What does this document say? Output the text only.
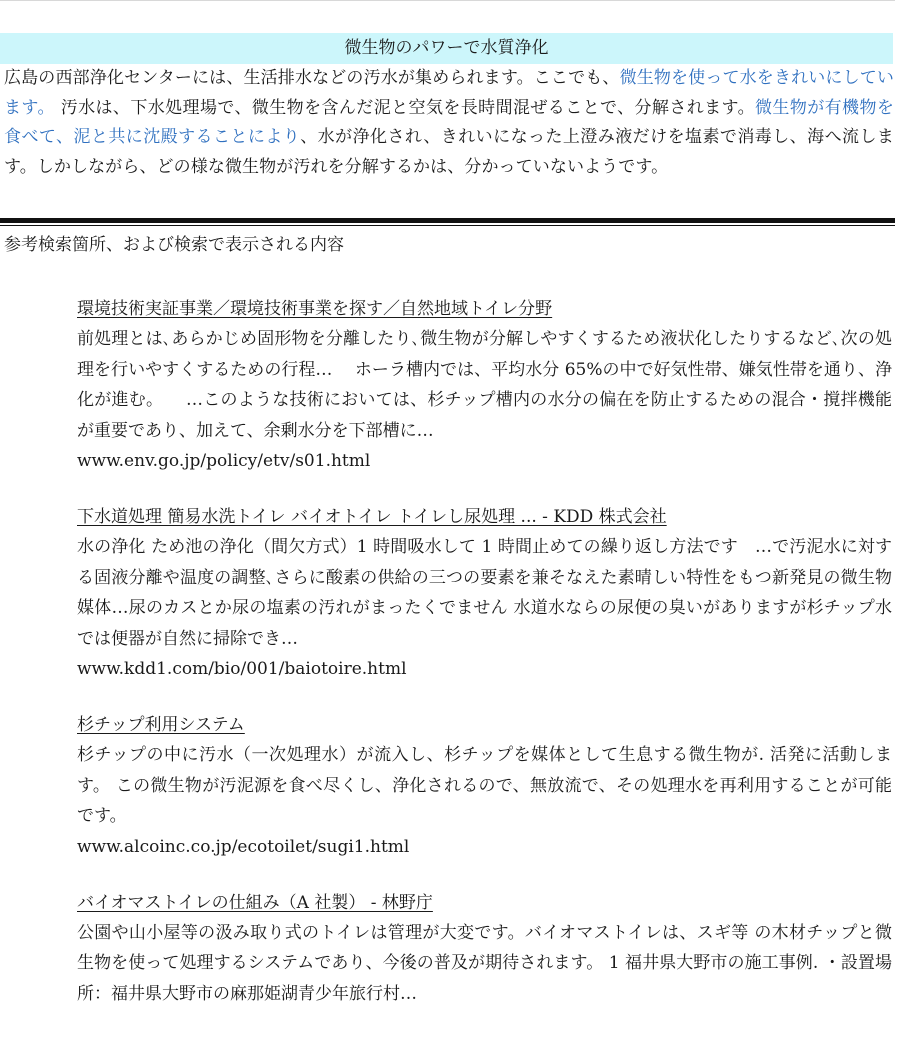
微生物のパワーで水質浄化
広島の西部浄化センターには、生活排水などの汚水が集められます。ここでも、微生物を使って水をきれいにしています。 汚水は、下水処理場で、微生物を含んだ泥と空気を長時間混ぜることで、分解されます。微生物が有機物を食べて、泥と共に沈殿することにより、水が浄化され、きれいになった上澄み液だけを塩素で消毒し、海へ流します。しかしながら、どの様な微生物が汚れを分解するかは、分かっていないようです。
参考検索箇所、および検索で表示される内容
環境技術実証事業／環境技術事業を探す／自然地域トイレ分野
前処理とは､あらかじめ固形物を分離したり､微生物が分解しやすくするため液状化したりするなど､次の処理を行いやすくするための行程… 　ホーラ槽内では、平均水分 65%の中で好気性帯、嫌気性帯を通り、浄化が進む。 　…このような技術においては、杉チップ槽内の水分の偏在を防止するための混合・撹拌機能が重要であり、加えて、余剰水分を下部槽に…
www.env.go.jp/policy/etv/s01.html
下水道処理 簡易水洗トイレ バイオトイレ トイレし尿処理 ... - KDD 株式会社
水の浄化 ため池の浄化（間欠方式）1 時間吸水して 1 時間止めての繰り返し方法です　…で汚泥水に対する固液分離や温度の調整､さらに酸素の供給の三つの要素を兼そなえた素晴しい特性をもつ新発見の微生物媒体…尿のカスとか尿の塩素の汚れがまったくでません 水道水ならの尿便の臭いがありますが杉チップ水では便器が自然に掃除でき…
www.kdd1.com/bio/001/baiotoire.html
杉チップ利用システム
杉チップの中に汚水（一次処理水）が流入し、杉チップを媒体として生息する微生物が. 活発に活動します。 この微生物が汚泥源を食べ尽くし、浄化されるので、無放流で、その処理水を再利用することが可能です。
www.alcoinc.co.jp/ecotoilet/sugi1.html
バイオマストイレの仕組み（A 社製） - 林野庁
公園や山小屋等の汲み取り式のトイレは管理が大変です。バイオマストイレは、スギ等 の木材チップと微生物を使って処理するシステムであり、今後の普及が期待されます。 1 福井県大野市の施工事例. ・設置場所：福井県大野市の麻那姫湖青少年旅行村…
